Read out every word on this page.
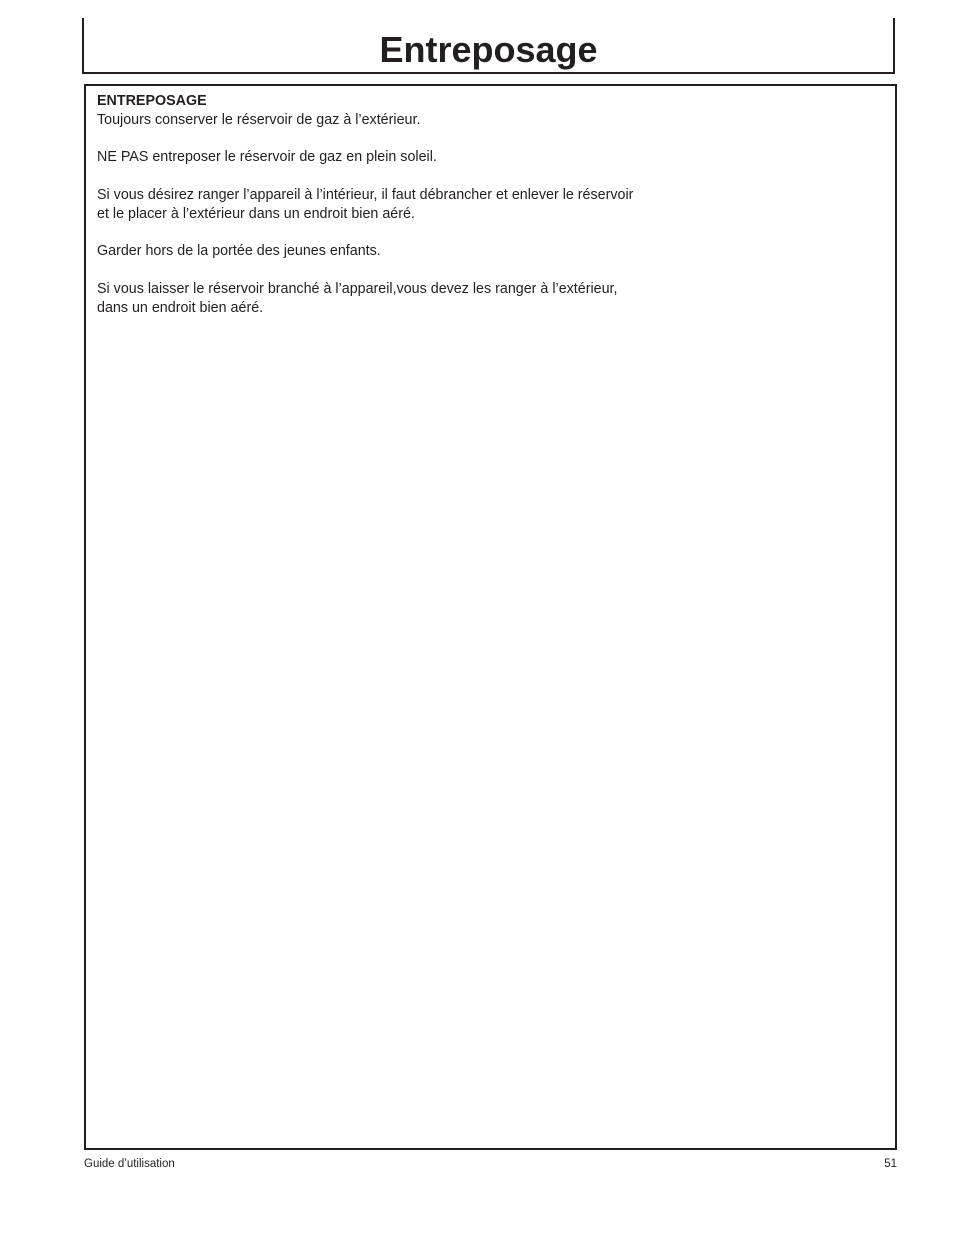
Entreposage

ENTREPOSAGE

Toujours conserver le réservoir de gaz à l’extérieur.

NE PAS entreposer le réservoir de gaz en plein soleil.

Si vous désirez ranger l’appareil à l’intérieur, il faut débrancher et enlever le réservoir et le placer à l’extérieur dans un endroit bien aéré.

Garder hors de la portée des jeunes enfants.

Si vous laisser le réservoir branché à l’appareil,vous devez les ranger à l’extérieur, dans un endroit bien aéré.

Guide d’utilisation	51
